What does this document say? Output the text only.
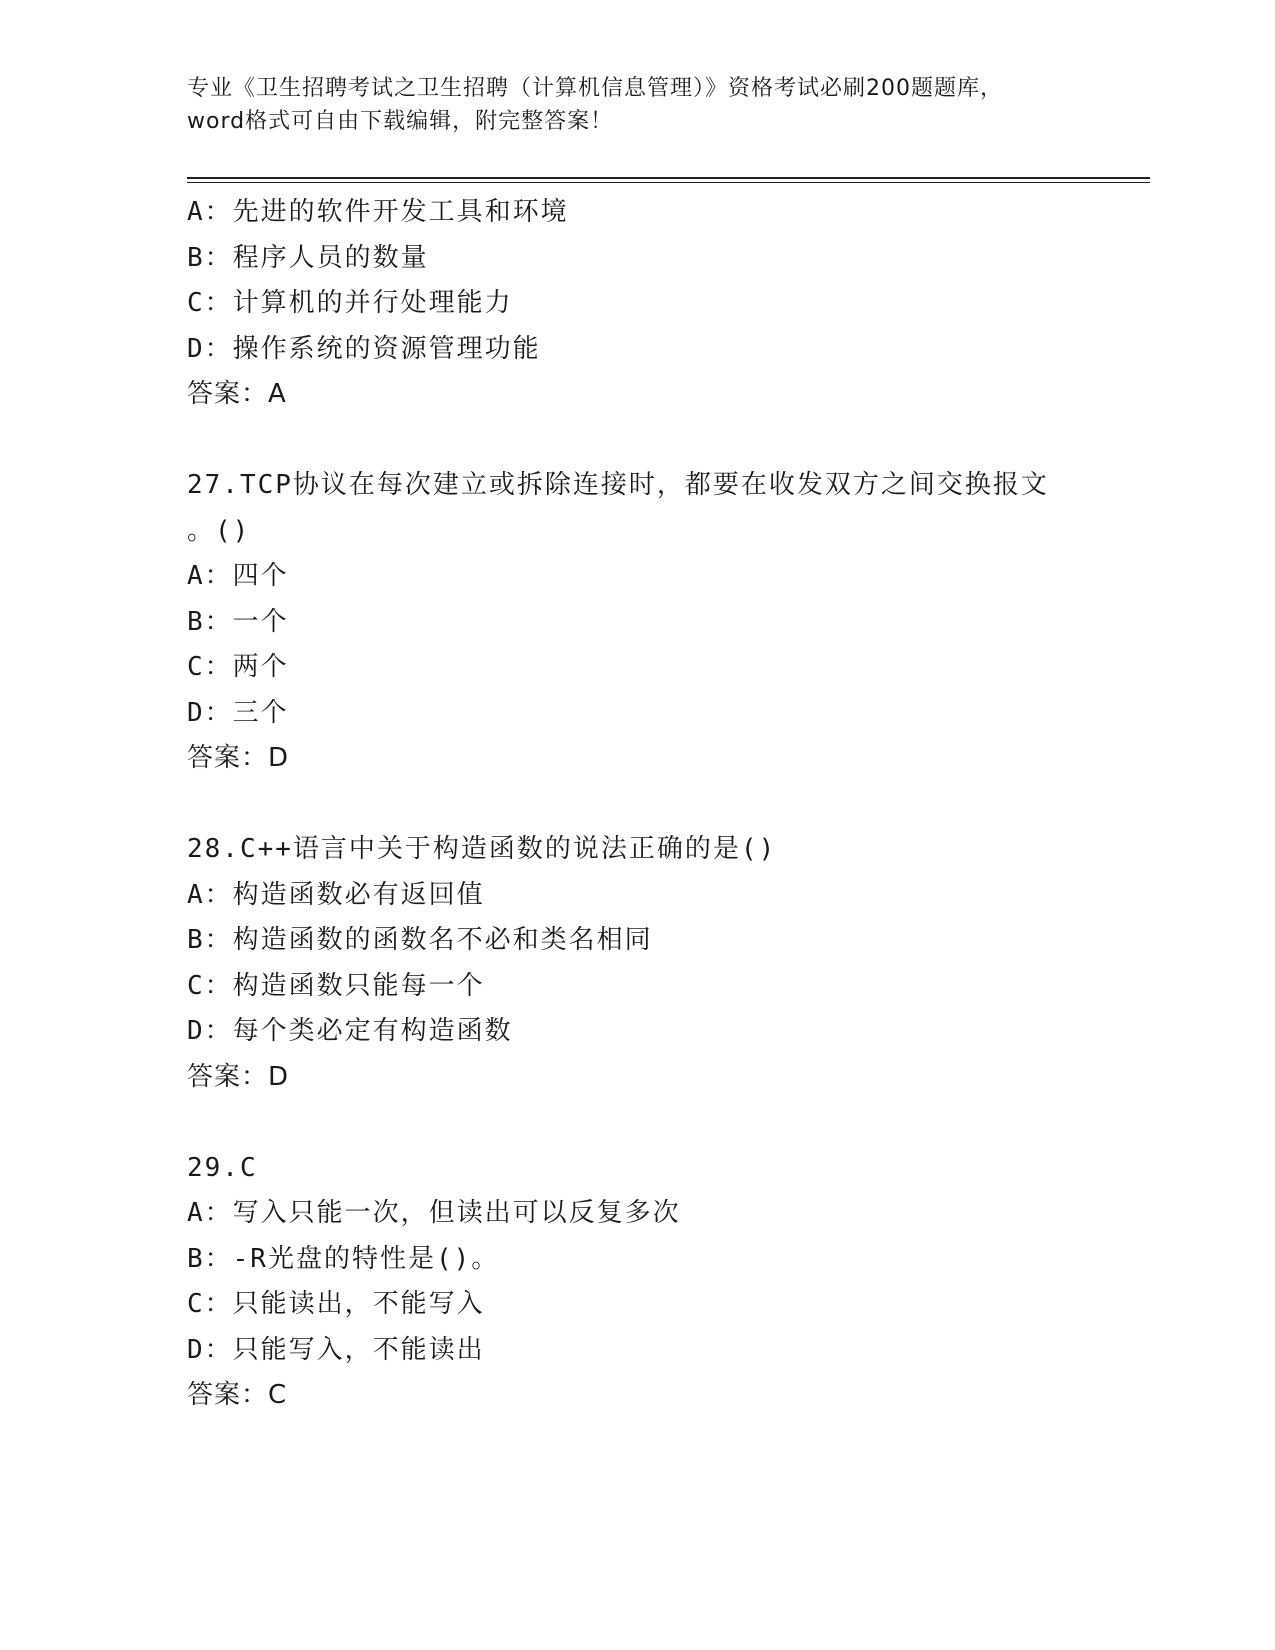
专业《卫生招聘考试之卫生招聘（计算机信息管理）》资格考试必刷200题题库，
word格式可自由下载编辑，附完整答案！
A：先进的软件开发工具和环境
B：程序人员的数量
C：计算机的并行处理能力
D：操作系统的资源管理功能
答案：A
27.TCP协议在每次建立或拆除连接时，都要在收发双方之间交换报文
。()
A：四个
B：一个
C：两个
D：三个
答案：D
28.C++语言中关于构造函数的说法正确的是()
A：构造函数必有返回值
B：构造函数的函数名不必和类名相同
C：构造函数只能每一个
D：每个类必定有构造函数
答案：D
29.C
A：写入只能一次，但读出可以反复多次
B：-R光盘的特性是()。
C：只能读出，不能写入
D：只能写入，不能读出
答案：C
